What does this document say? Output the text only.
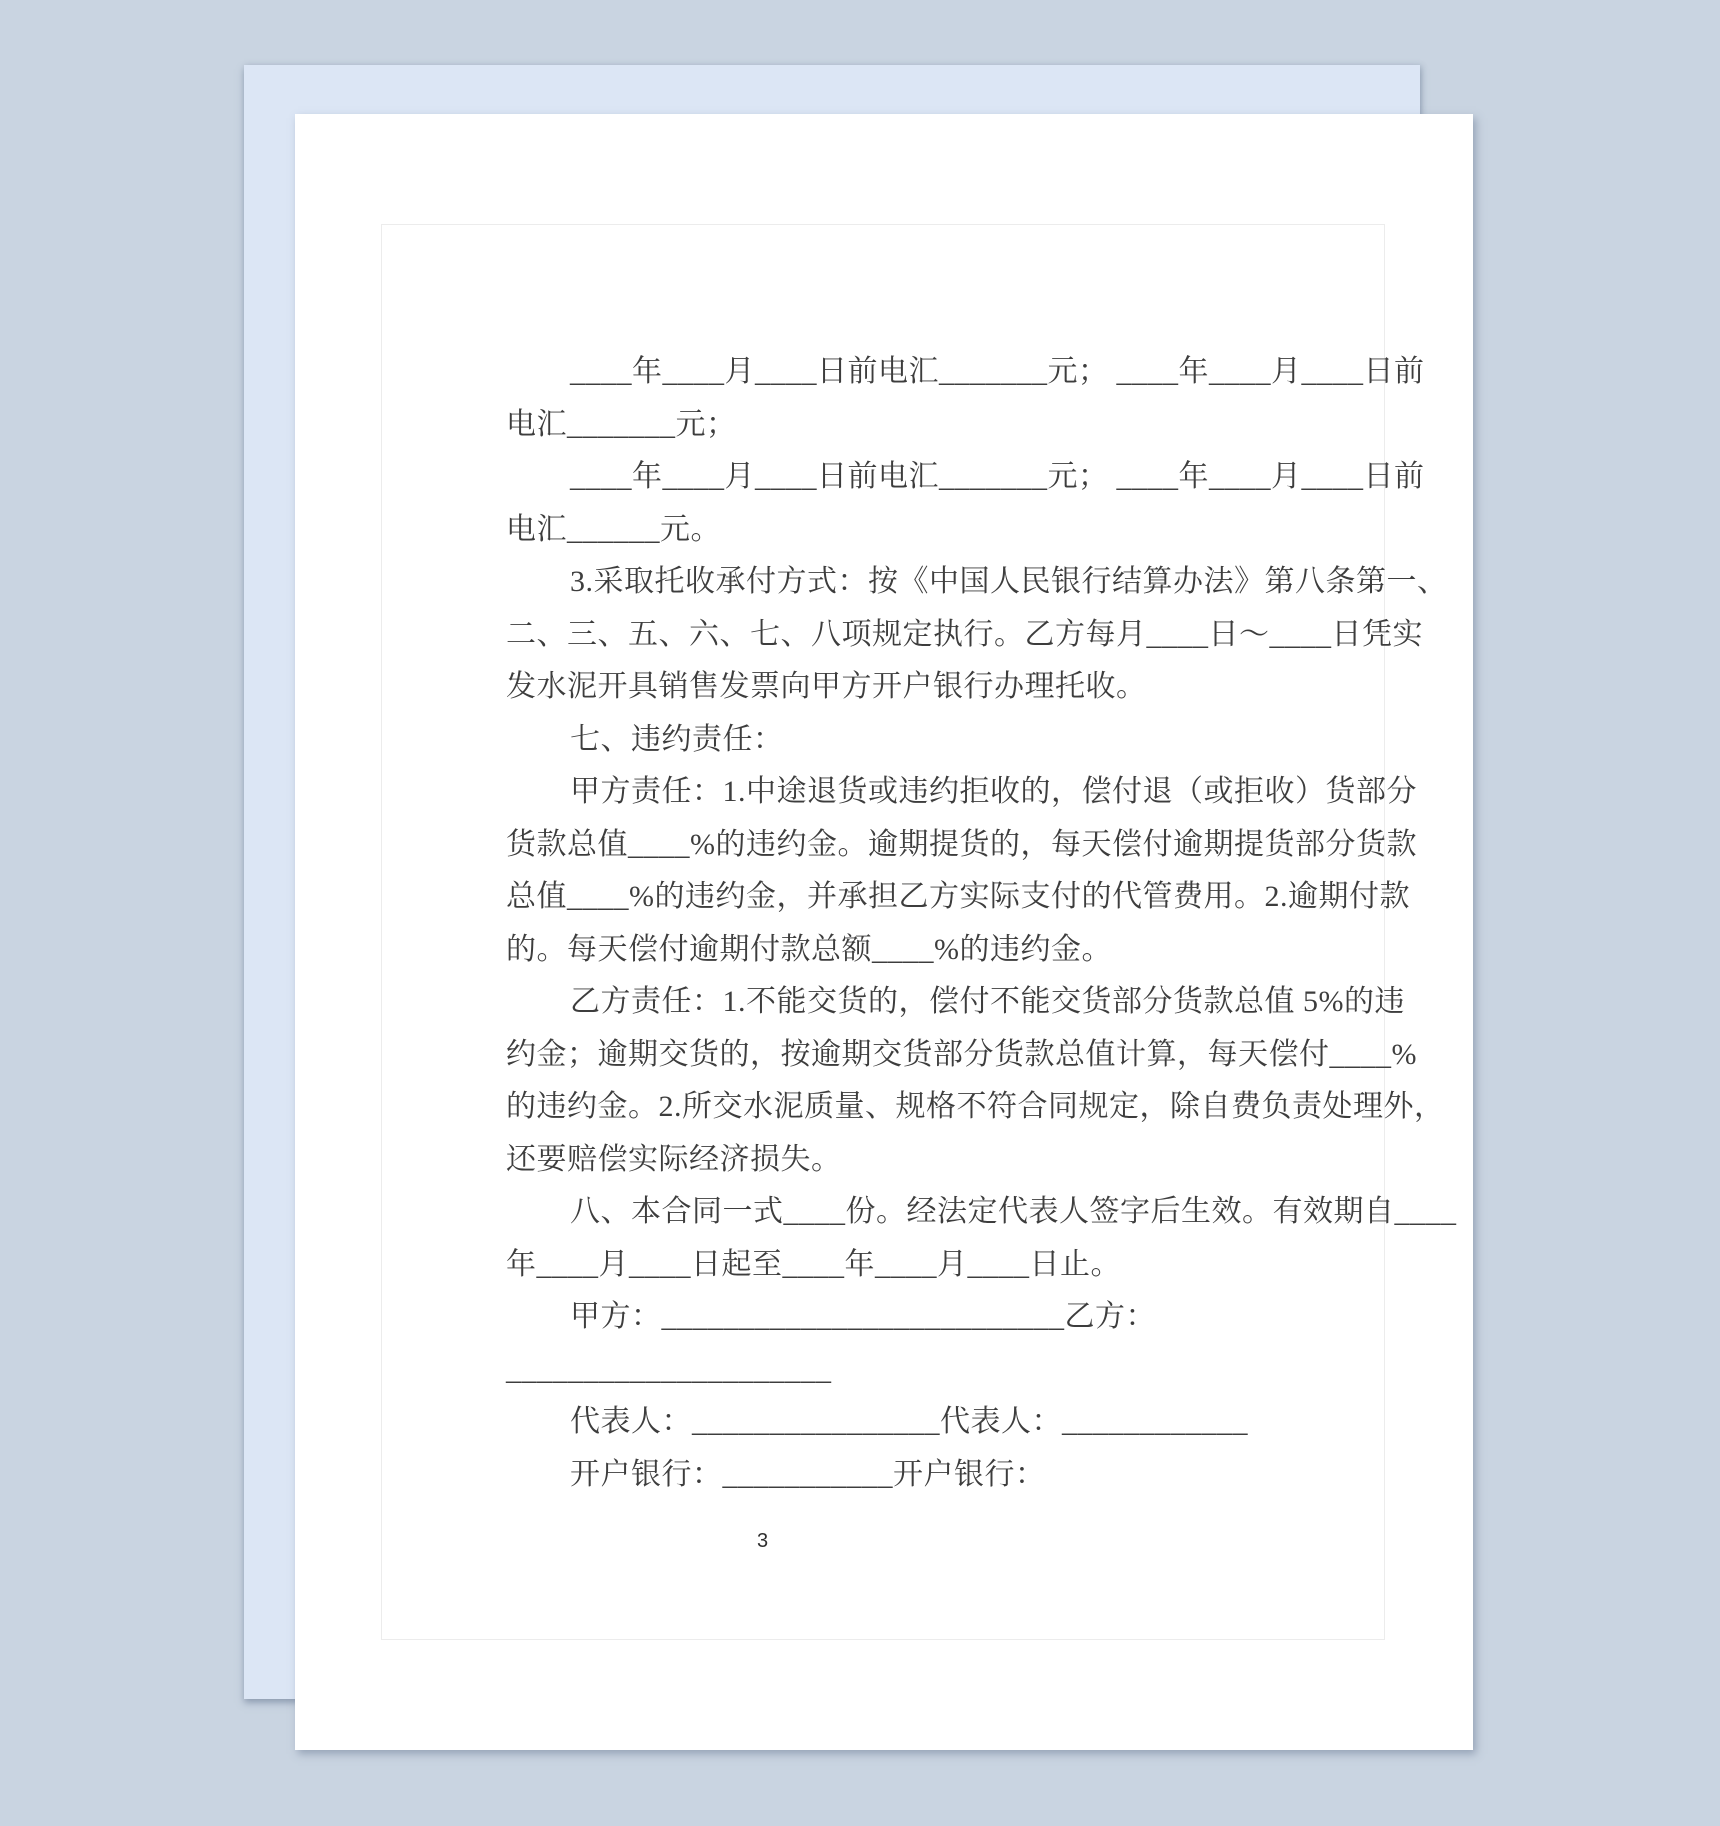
____年____月____日前电汇_______元； ____年____月____日前
电汇_______元；
____年____月____日前电汇_______元； ____年____月____日前
电汇______元。
3.采取托收承付方式：按《中国人民银行结算办法》第八条第一、
二、三、五、六、七、八项规定执行。乙方每月____日～____日凭实
发水泥开具销售发票向甲方开户银行办理托收。
七、违约责任：
甲方责任：1.中途退货或违约拒收的，偿付退（或拒收）货部分
货款总值____%的违约金。逾期提货的，每天偿付逾期提货部分货款
总值____%的违约金，并承担乙方实际支付的代管费用。2.逾期付款
的。每天偿付逾期付款总额____%的违约金。
乙方责任：1.不能交货的，偿付不能交货部分货款总值 5%的违
约金；逾期交货的，按逾期交货部分货款总值计算，每天偿付____%
的违约金。2.所交水泥质量、规格不符合同规定，除自费负责处理外，
还要赔偿实际经济损失。
八、本合同一式____份。经法定代表人签字后生效。有效期自____
年____月____日起至____年____月____日止。
甲方：__________________________乙方：
_____________________
代表人：________________代表人：____________
开户银行：___________开户银行：
3
